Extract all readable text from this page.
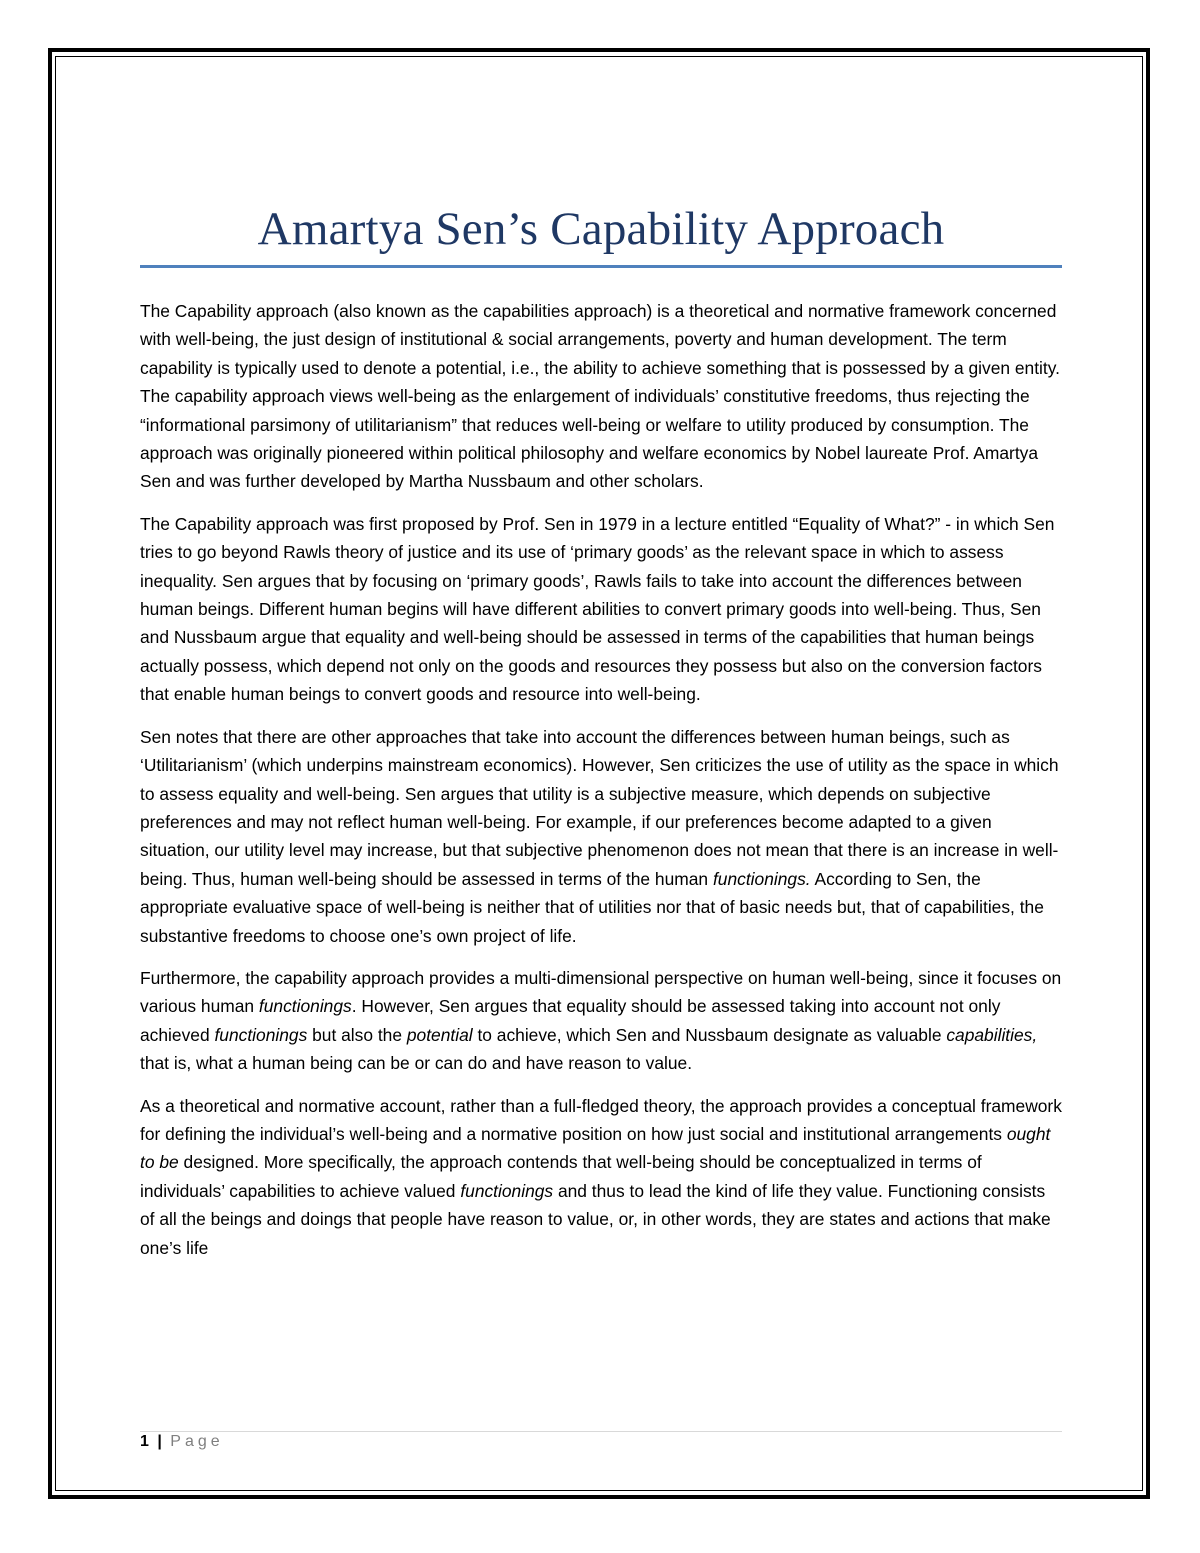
Amartya Sen’s Capability Approach

The Capability approach (also known as the capabilities approach) is a theoretical and normative framework concerned with well-being, the just design of institutional & social arrangements, poverty and human development. The term capability is typically used to denote a potential, i.e., the ability to achieve something that is possessed by a given entity. The capability approach views well-being as the enlargement of individuals’ constitutive freedoms, thus rejecting the “informational parsimony of utilitarianism” that reduces well-being or welfare to utility produced by consumption. The approach was originally pioneered within political philosophy and welfare economics by Nobel laureate Prof. Amartya Sen and was further developed by Martha Nussbaum and other scholars.

The Capability approach was first proposed by Prof. Sen in 1979 in a lecture entitled “Equality of What?” - in which Sen tries to go beyond Rawls theory of justice and its use of ‘primary goods’ as the relevant space in which to assess inequality. Sen argues that by focusing on ‘primary goods’, Rawls fails to take into account the differences between human beings. Different human begins will have different abilities to convert primary goods into well-being. Thus, Sen and Nussbaum argue that equality and well-being should be assessed in terms of the capabilities that human beings actually possess, which depend not only on the goods and resources they possess but also on the conversion factors that enable human beings to convert goods and resource into well-being.

Sen notes that there are other approaches that take into account the differences between human beings, such as ‘Utilitarianism’ (which underpins mainstream economics). However, Sen criticizes the use of utility as the space in which to assess equality and well-being. Sen argues that utility is a subjective measure, which depends on subjective preferences and may not reflect human well-being. For example, if our preferences become adapted to a given situation, our utility level may increase, but that subjective phenomenon does not mean that there is an increase in well-being. Thus, human well-being should be assessed in terms of the human functionings. According to Sen, the appropriate evaluative space of well-being is neither that of utilities nor that of basic needs but, that of capabilities, the substantive freedoms to choose one’s own project of life.

Furthermore, the capability approach provides a multi-dimensional perspective on human well-being, since it focuses on various human functionings. However, Sen argues that equality should be assessed taking into account not only achieved functionings but also the potential to achieve, which Sen and Nussbaum designate as valuable capabilities, that is, what a human being can be or can do and have reason to value.

As a theoretical and normative account, rather than a full-fledged theory, the approach provides a conceptual framework for defining the individual’s well-being and a normative position on how just social and institutional arrangements ought to be designed. More specifically, the approach contends that well-being should be conceptualized in terms of individuals’ capabilities to achieve valued functionings and thus to lead the kind of life they value. Functioning consists of all the beings and doings that people have reason to value, or, in other words, they are states and actions that make one’s life

1 | Page
